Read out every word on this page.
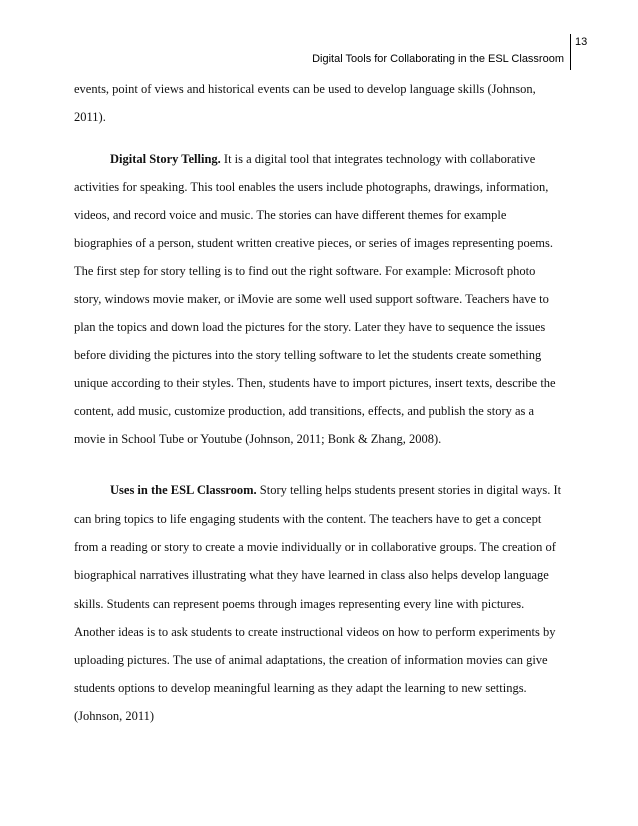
13
Digital Tools for Collaborating in the ESL Classroom
events, point of views and historical events can be used to develop language skills (Johnson,
2011).
Digital Story Telling. It is a digital tool that integrates technology with collaborative
activities for speaking. This tool enables the users include photographs, drawings, information,
videos, and record voice and music. The stories can have different themes for example
biographies of a person, student written creative pieces, or series of images representing poems.
The first step for story telling is to find out the right software. For example: Microsoft photo
story, windows movie maker, or iMovie are some well used support software. Teachers have to
plan the topics and down load the pictures for the story. Later they have to sequence the issues
before dividing the pictures into the story telling software to let the students create something
unique according to their styles. Then, students have to import pictures, insert texts, describe the
content, add music, customize production, add transitions, effects, and publish the story as a
movie in School Tube or Youtube (Johnson, 2011; Bonk & Zhang, 2008).
Uses in the ESL Classroom. Story telling helps students present stories in digital ways. It
can bring topics to life engaging students with the content. The teachers have to get a concept
from a reading or story to create a movie individually or in collaborative groups. The creation of
biographical narratives illustrating what they have learned in class also helps develop language
skills. Students can represent poems through images representing every line with pictures.
Another ideas is to ask students to create instructional videos on how to perform experiments by
uploading pictures. The use of animal adaptations, the creation of information movies can give
students options to develop meaningful learning as they adapt the learning to new settings.
(Johnson, 2011)
